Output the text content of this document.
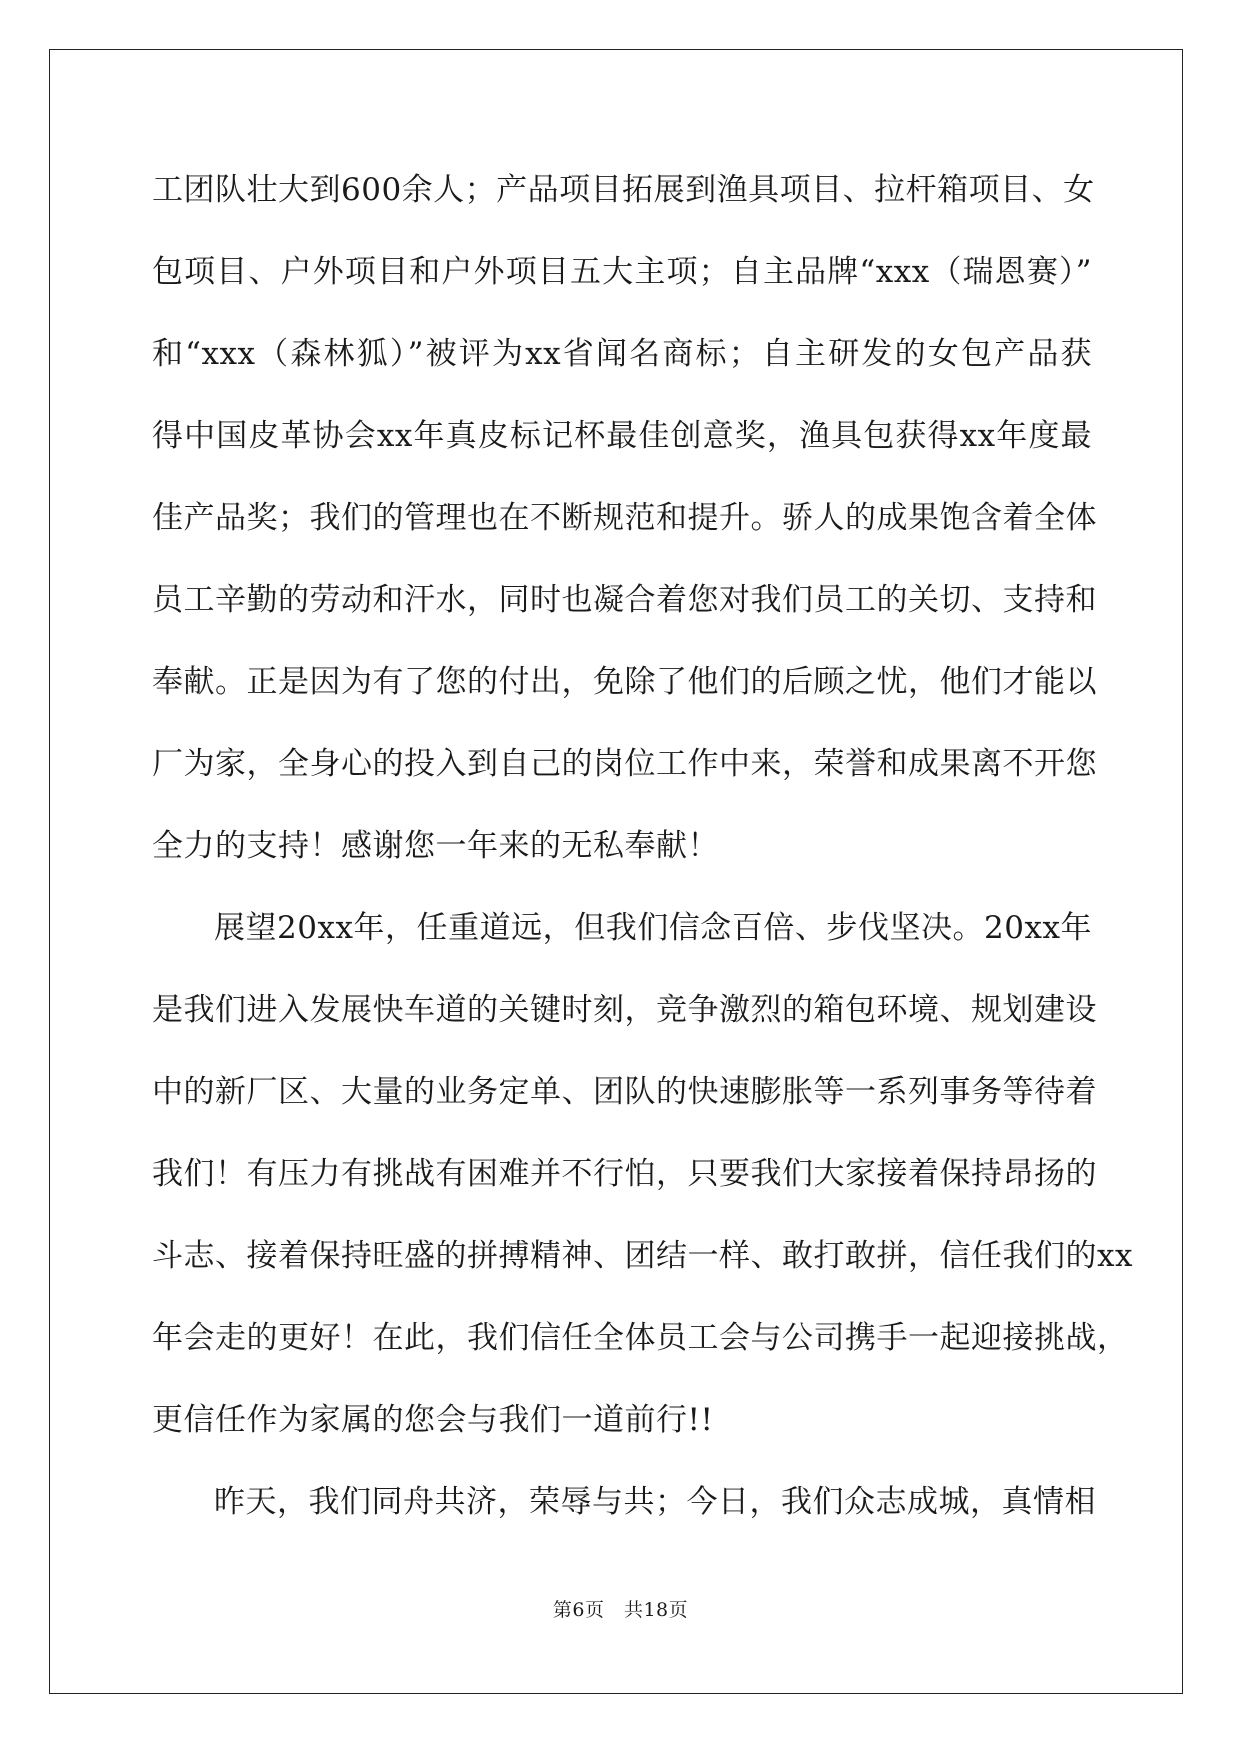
工团队壮大到600余人；产品项目拓展到渔具项目、拉杆箱项目、女
包项目、户外项目和户外项目五大主项；自主品牌“xxx（瑞恩赛）”
和“xxx（森林狐）”被评为xx省闻名商标；自主研发的女包产品获
得中国皮革协会xx年真皮标记杯最佳创意奖，渔具包获得xx年度最
佳产品奖；我们的管理也在不断规范和提升。骄人的成果饱含着全体
员工辛勤的劳动和汗水，同时也凝合着您对我们员工的关切、支持和
奉献。正是因为有了您的付出，免除了他们的后顾之忧，他们才能以
厂为家，全身心的投入到自己的岗位工作中来，荣誉和成果离不开您
全力的支持！感谢您一年来的无私奉献！
展望20xx年，任重道远，但我们信念百倍、步伐坚决。20xx年
是我们进入发展快车道的关键时刻，竞争激烈的箱包环境、规划建设
中的新厂区、大量的业务定单、团队的快速膨胀等一系列事务等待着
我们！有压力有挑战有困难并不行怕，只要我们大家接着保持昂扬的
斗志、接着保持旺盛的拼搏精神、团结一样、敢打敢拼，信任我们的xx
年会走的更好！在此，我们信任全体员工会与公司携手一起迎接挑战，
更信任作为家属的您会与我们一道前行!!
昨天，我们同舟共济，荣辱与共；今日，我们众志成城，真情相
第6页　共18页
